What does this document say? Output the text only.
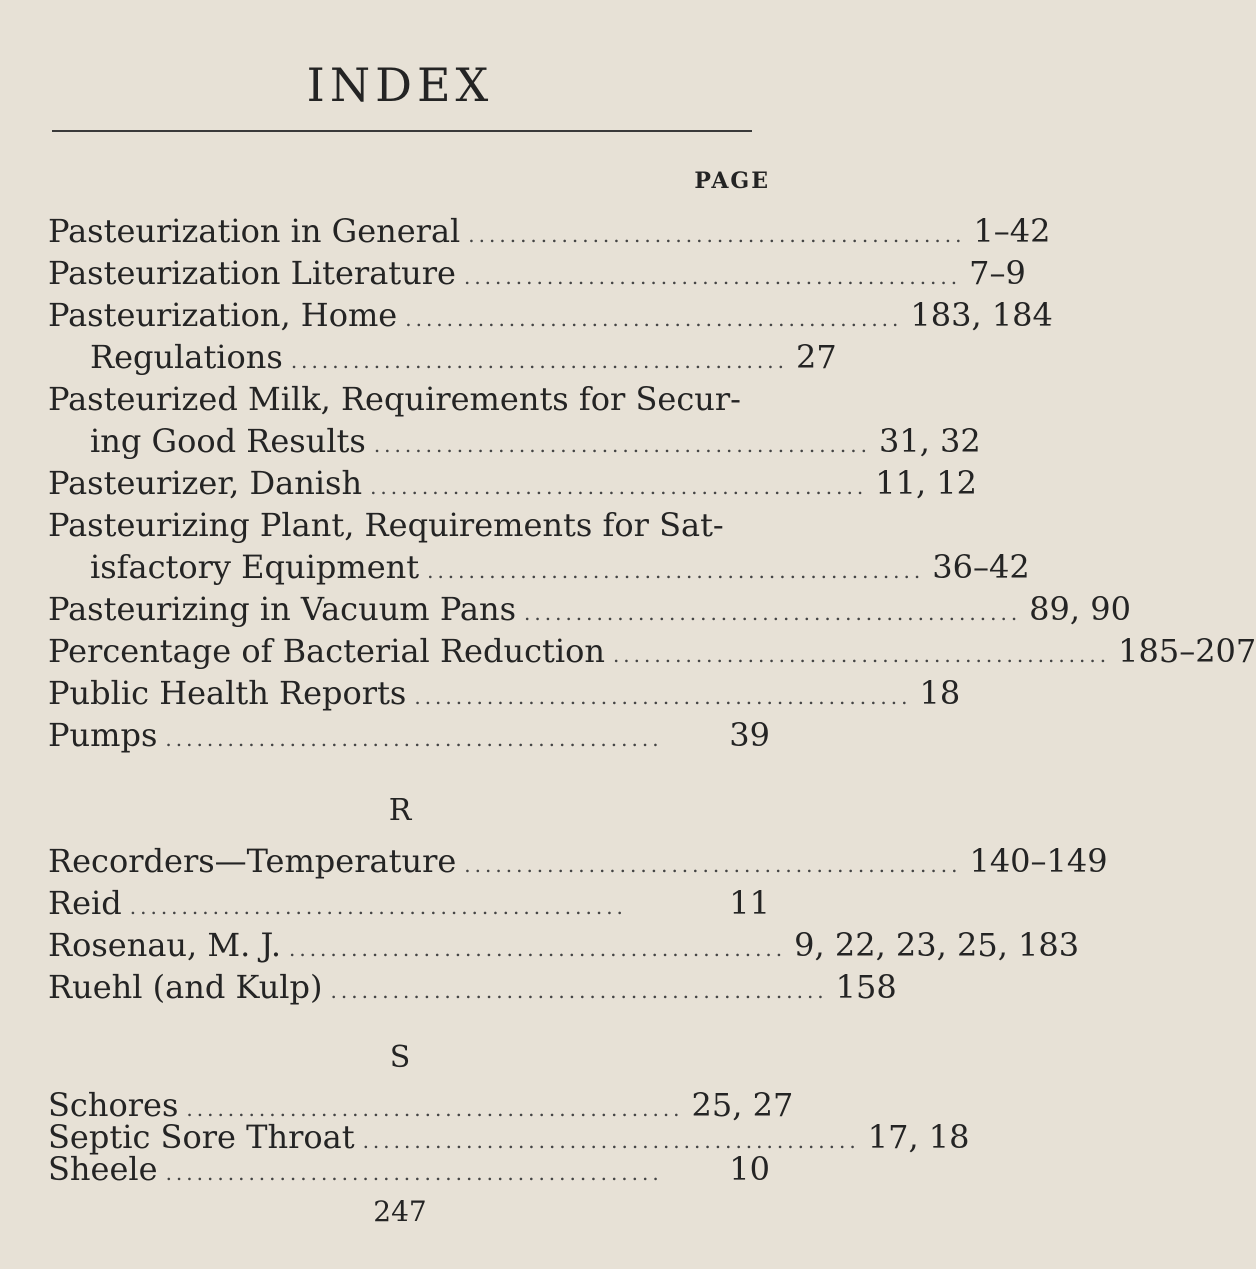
INDEX
PAGE
Pasteurization in General ................................................ 1–42
Pasteurization Literature ................................................ 7–9
Pasteurization, Home ................................................ 183, 184
Regulations ................................................ 27
Pasteurized Milk, Requirements for Secur-
ing Good Results ................................................ 31, 32
Pasteurizer, Danish ................................................ 11, 12
Pasteurizing Plant, Requirements for Sat-
isfactory Equipment ................................................ 36–42
Pasteurizing in Vacuum Pans ................................................ 89, 90
Percentage of Bacterial Reduction ................................................ 185–207
Public Health Reports ................................................ 18
Pumps ................................................	39
R
Recorders—Temperature ................................................ 140–149
Reid ................................................	11
Rosenau, M. J. ................................................ 9, 22, 23, 25, 183
Ruehl (and Kulp) ................................................ 158
S
Schores ................................................ 25, 27
Septic Sore Throat ................................................ 17, 18
Sheele ................................................	10
247
